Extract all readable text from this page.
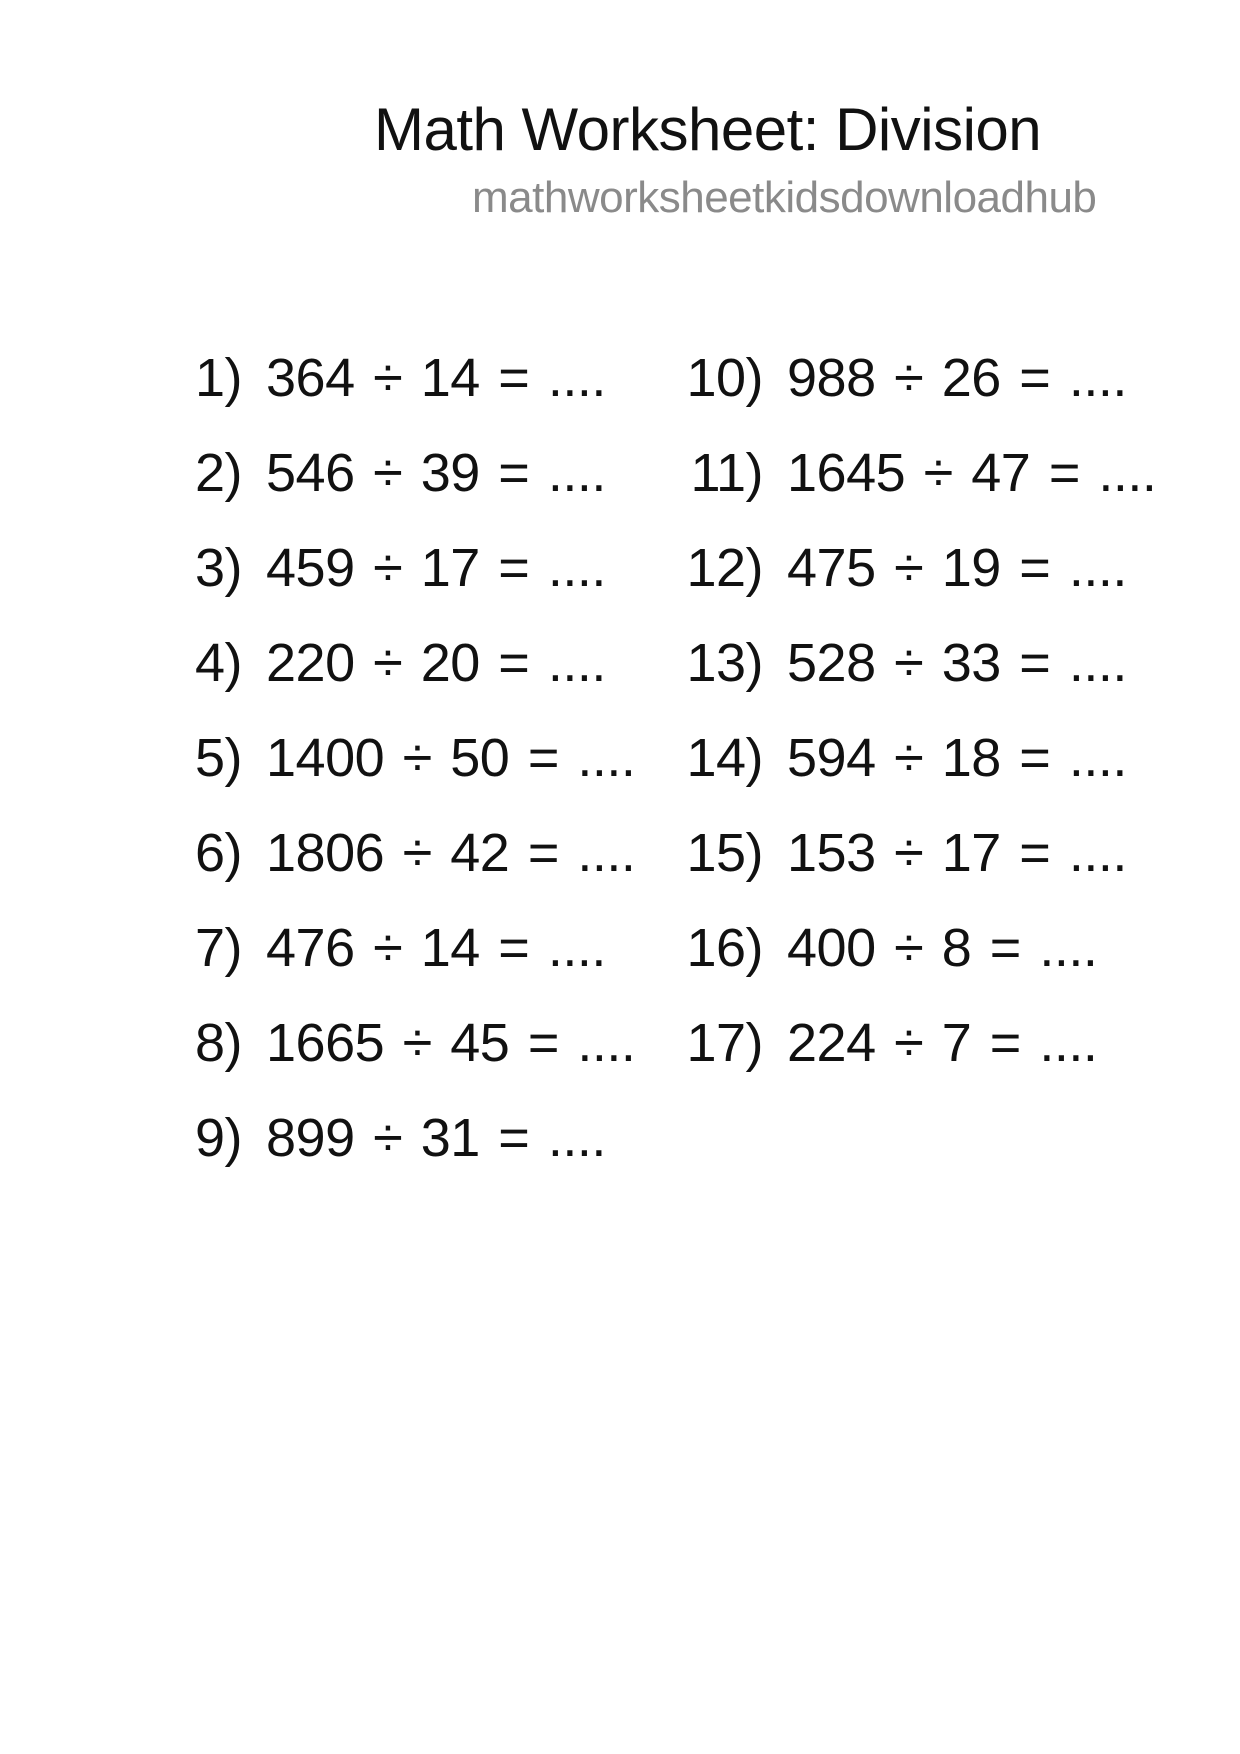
Math Worksheet: Division
mathworksheetkidsdownloadhub
1) 364 ÷ 14 = ....
2) 546 ÷ 39 = ....
3) 459 ÷ 17 = ....
4) 220 ÷ 20 = ....
5) 1400 ÷ 50 = ....
6) 1806 ÷ 42 = ....
7) 476 ÷ 14 = ....
8) 1665 ÷ 45 = ....
9) 899 ÷ 31 = ....
10) 988 ÷ 26 = ....
11) 1645 ÷ 47 = ....
12) 475 ÷ 19 = ....
13) 528 ÷ 33 = ....
14) 594 ÷ 18 = ....
15) 153 ÷ 17 = ....
16) 400 ÷ 8 = ....
17) 224 ÷ 7 = ....
